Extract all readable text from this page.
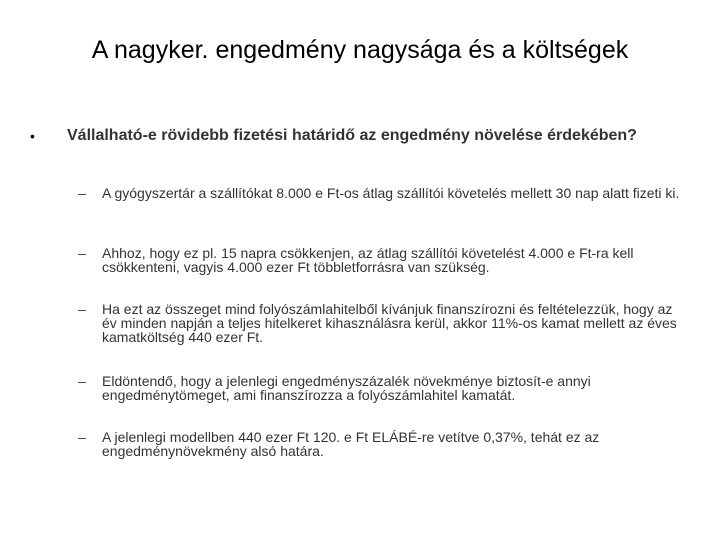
A nagyker. engedmény nagysága és a költségek
• Vállalható-e rövidebb fizetési határidő az engedmény növelése érdekében?
– A gyógyszertár a szállítókat 8.000 e Ft-os átlag szállítói követelés mellett 30 nap alatt fizeti ki.
– Ahhoz, hogy ez pl. 15 napra csökkenjen, az átlag szállítói követelést 4.000 e Ft-ra kell csökkenteni, vagyis 4.000 ezer Ft többletforrásra van szükség.
– Ha ezt az összeget mind folyószámlahitelből kívánjuk finanszírozni és feltételezzük, hogy az év minden napján a teljes hitelkeret kihasználásra kerül, akkor 11%-os kamat mellett az éves kamatköltség 440 ezer Ft.
– Eldöntendő, hogy a jelenlegi engedményszázalék növekménye biztosít-e annyi engedménytömeget, ami finanszírozza a folyószámlahitel kamatát.
– A jelenlegi modellben 440 ezer Ft 120. e Ft ELÁBÉ-re vetítve 0,37%, tehát ez az engedménynövekmény alsó határa.
